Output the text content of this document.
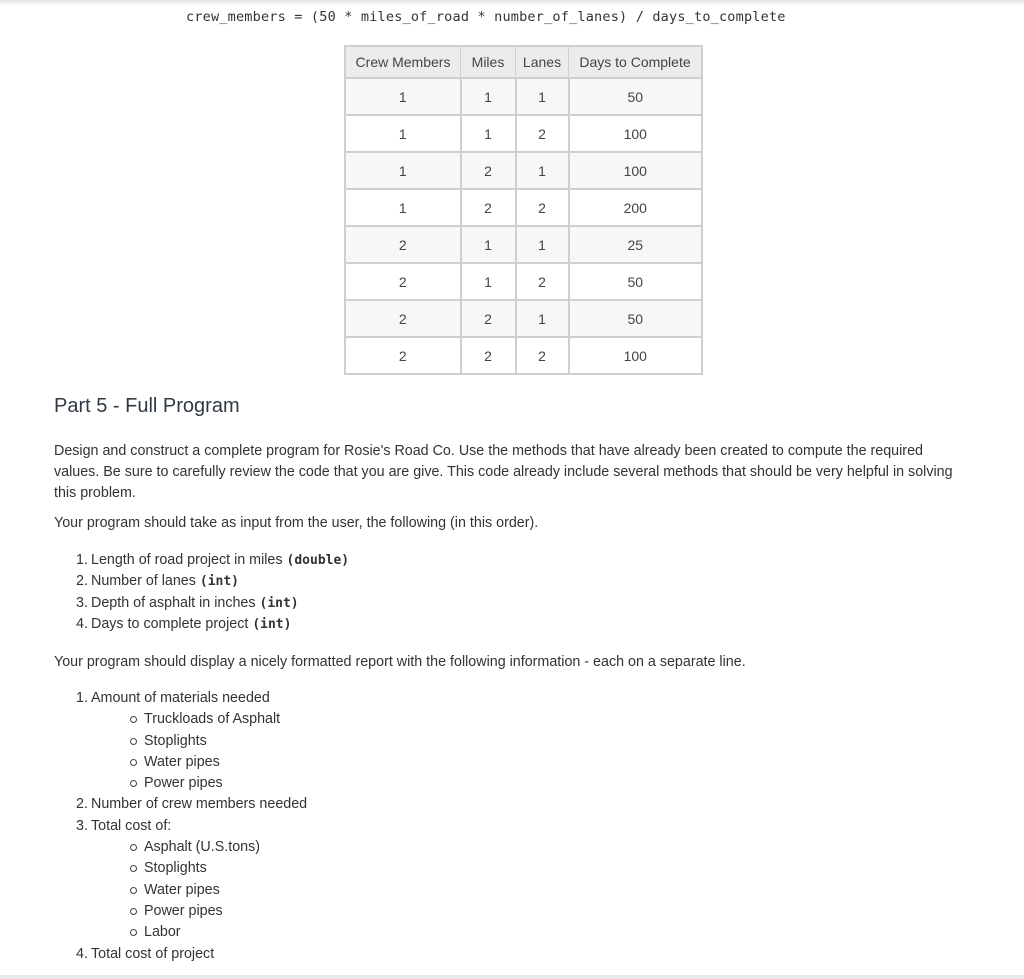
crew_members = (50 * miles_of_road * number_of_lanes) / days_to_complete
Crew Members	Miles	Lanes	Days to Complete
1	1	1	50
1	1	2	100
1	2	1	100
1	2	2	200
2	1	1	25
2	1	2	50
2	2	1	50
2	2	2	100
Part 5 - Full Program

Design and construct a complete program for Rosie's Road Co. Use the methods that have already been created to compute the required values. Be sure to carefully review the code that you are give. This code already include several methods that should be very helpful in solving this problem.

Your program should take as input from the user, the following (in this order).

1. Length of road project in miles (double)
2. Number of lanes (int)
3. Depth of asphalt in inches (int)
4. Days to complete project (int)

Your program should display a nicely formatted report with the following information - each on a separate line.

1. Amount of materials needed
Truckloads of Asphalt
Stoplights
Water pipes
Power pipes
2. Number of crew members needed
3. Total cost of:
Asphalt (U.S.tons)
Stoplights
Water pipes
Power pipes
Labor
4. Total cost of project
